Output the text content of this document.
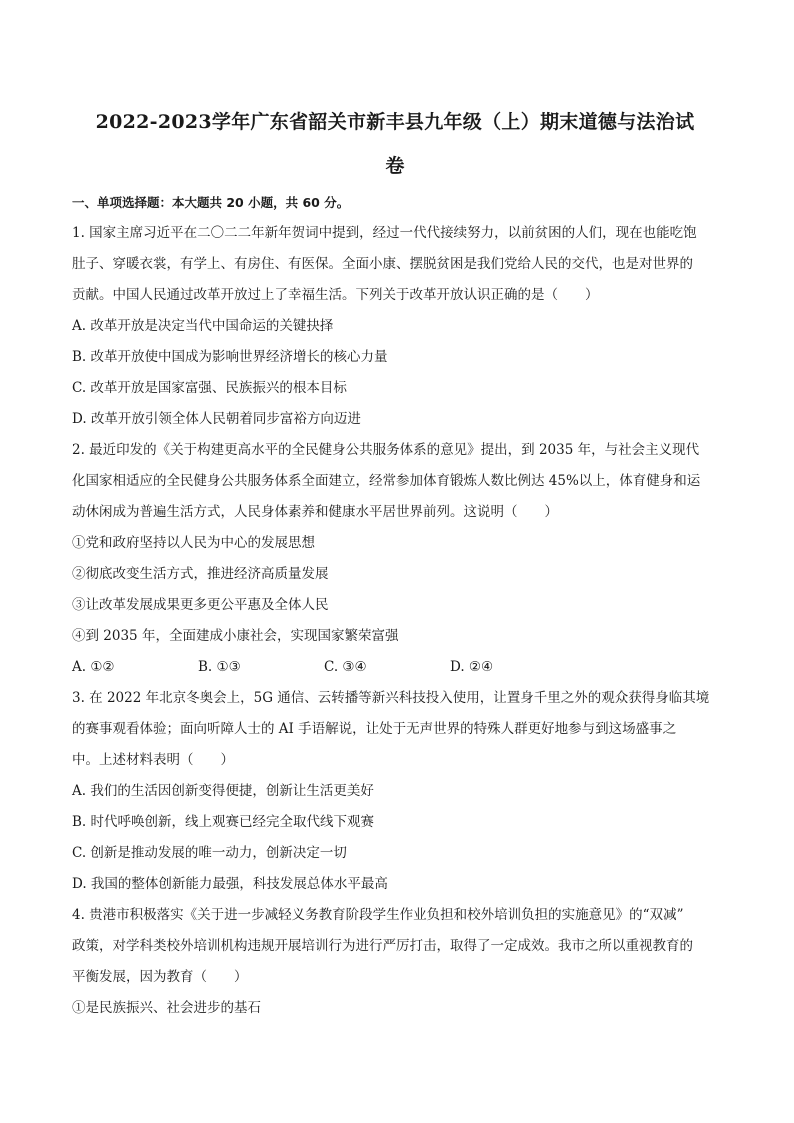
2022-2023学年广东省韶关市新丰县九年级（上）期末道德与法治试
卷
一、单项选择题：本大题共 20 小题，共 60 分。

1. 国家主席习近平在二〇二二年新年贺词中提到，经过一代代接续努力，以前贫困的人们，现在也能吃饱

肚子、穿暖衣裳，有学上、有房住、有医保。全面小康、摆脱贫困是我们党给人民的交代，也是对世界的

贡献。中国人民通过改革开放过上了幸福生活。下列关于改革开放认识正确的是（　　）

A. 改革开放是决定当代中国命运的关键抉择

B. 改革开放使中国成为影响世界经济增长的核心力量

C. 改革开放是国家富强、民族振兴的根本目标

D. 改革开放引领全体人民朝着同步富裕方向迈进

2. 最近印发的《关于构建更高水平的全民健身公共服务体系的意见》提出，到 2035 年，与社会主义现代

化国家相适应的全民健身公共服务体系全面建立，经常参加体育锻炼人数比例达 45%以上，体育健身和运

动休闲成为普遍生活方式，人民身体素养和健康水平居世界前列。这说明（　　）

①党和政府坚持以人民为中心的发展思想

②彻底改变生活方式，推进经济高质量发展

③让改革发展成果更多更公平惠及全体人民

④到 2035 年，全面建成小康社会，实现国家繁荣富强

A. ①②	B. ①③	C. ③④	D. ②④

3. 在 2022 年北京冬奥会上，5G 通信、云转播等新兴科技投入使用，让置身千里之外的观众获得身临其境

的赛事观看体验；面向听障人士的 AI 手语解说，让处于无声世界的特殊人群更好地参与到这场盛事之

中。上述材料表明（　　）

A. 我们的生活因创新变得便捷，创新让生活更美好

B. 时代呼唤创新，线上观赛已经完全取代线下观赛

C. 创新是推动发展的唯一动力，创新决定一切

D. 我国的整体创新能力最强，科技发展总体水平最高

4. 贵港市积极落实《关于进一步减轻义务教育阶段学生作业负担和校外培训负担的实施意见》的“双减”

政策，对学科类校外培训机构违规开展培训行为进行严厉打击，取得了一定成效。我市之所以重视教育的

平衡发展，因为教育（　　）

①是民族振兴、社会进步的基石
